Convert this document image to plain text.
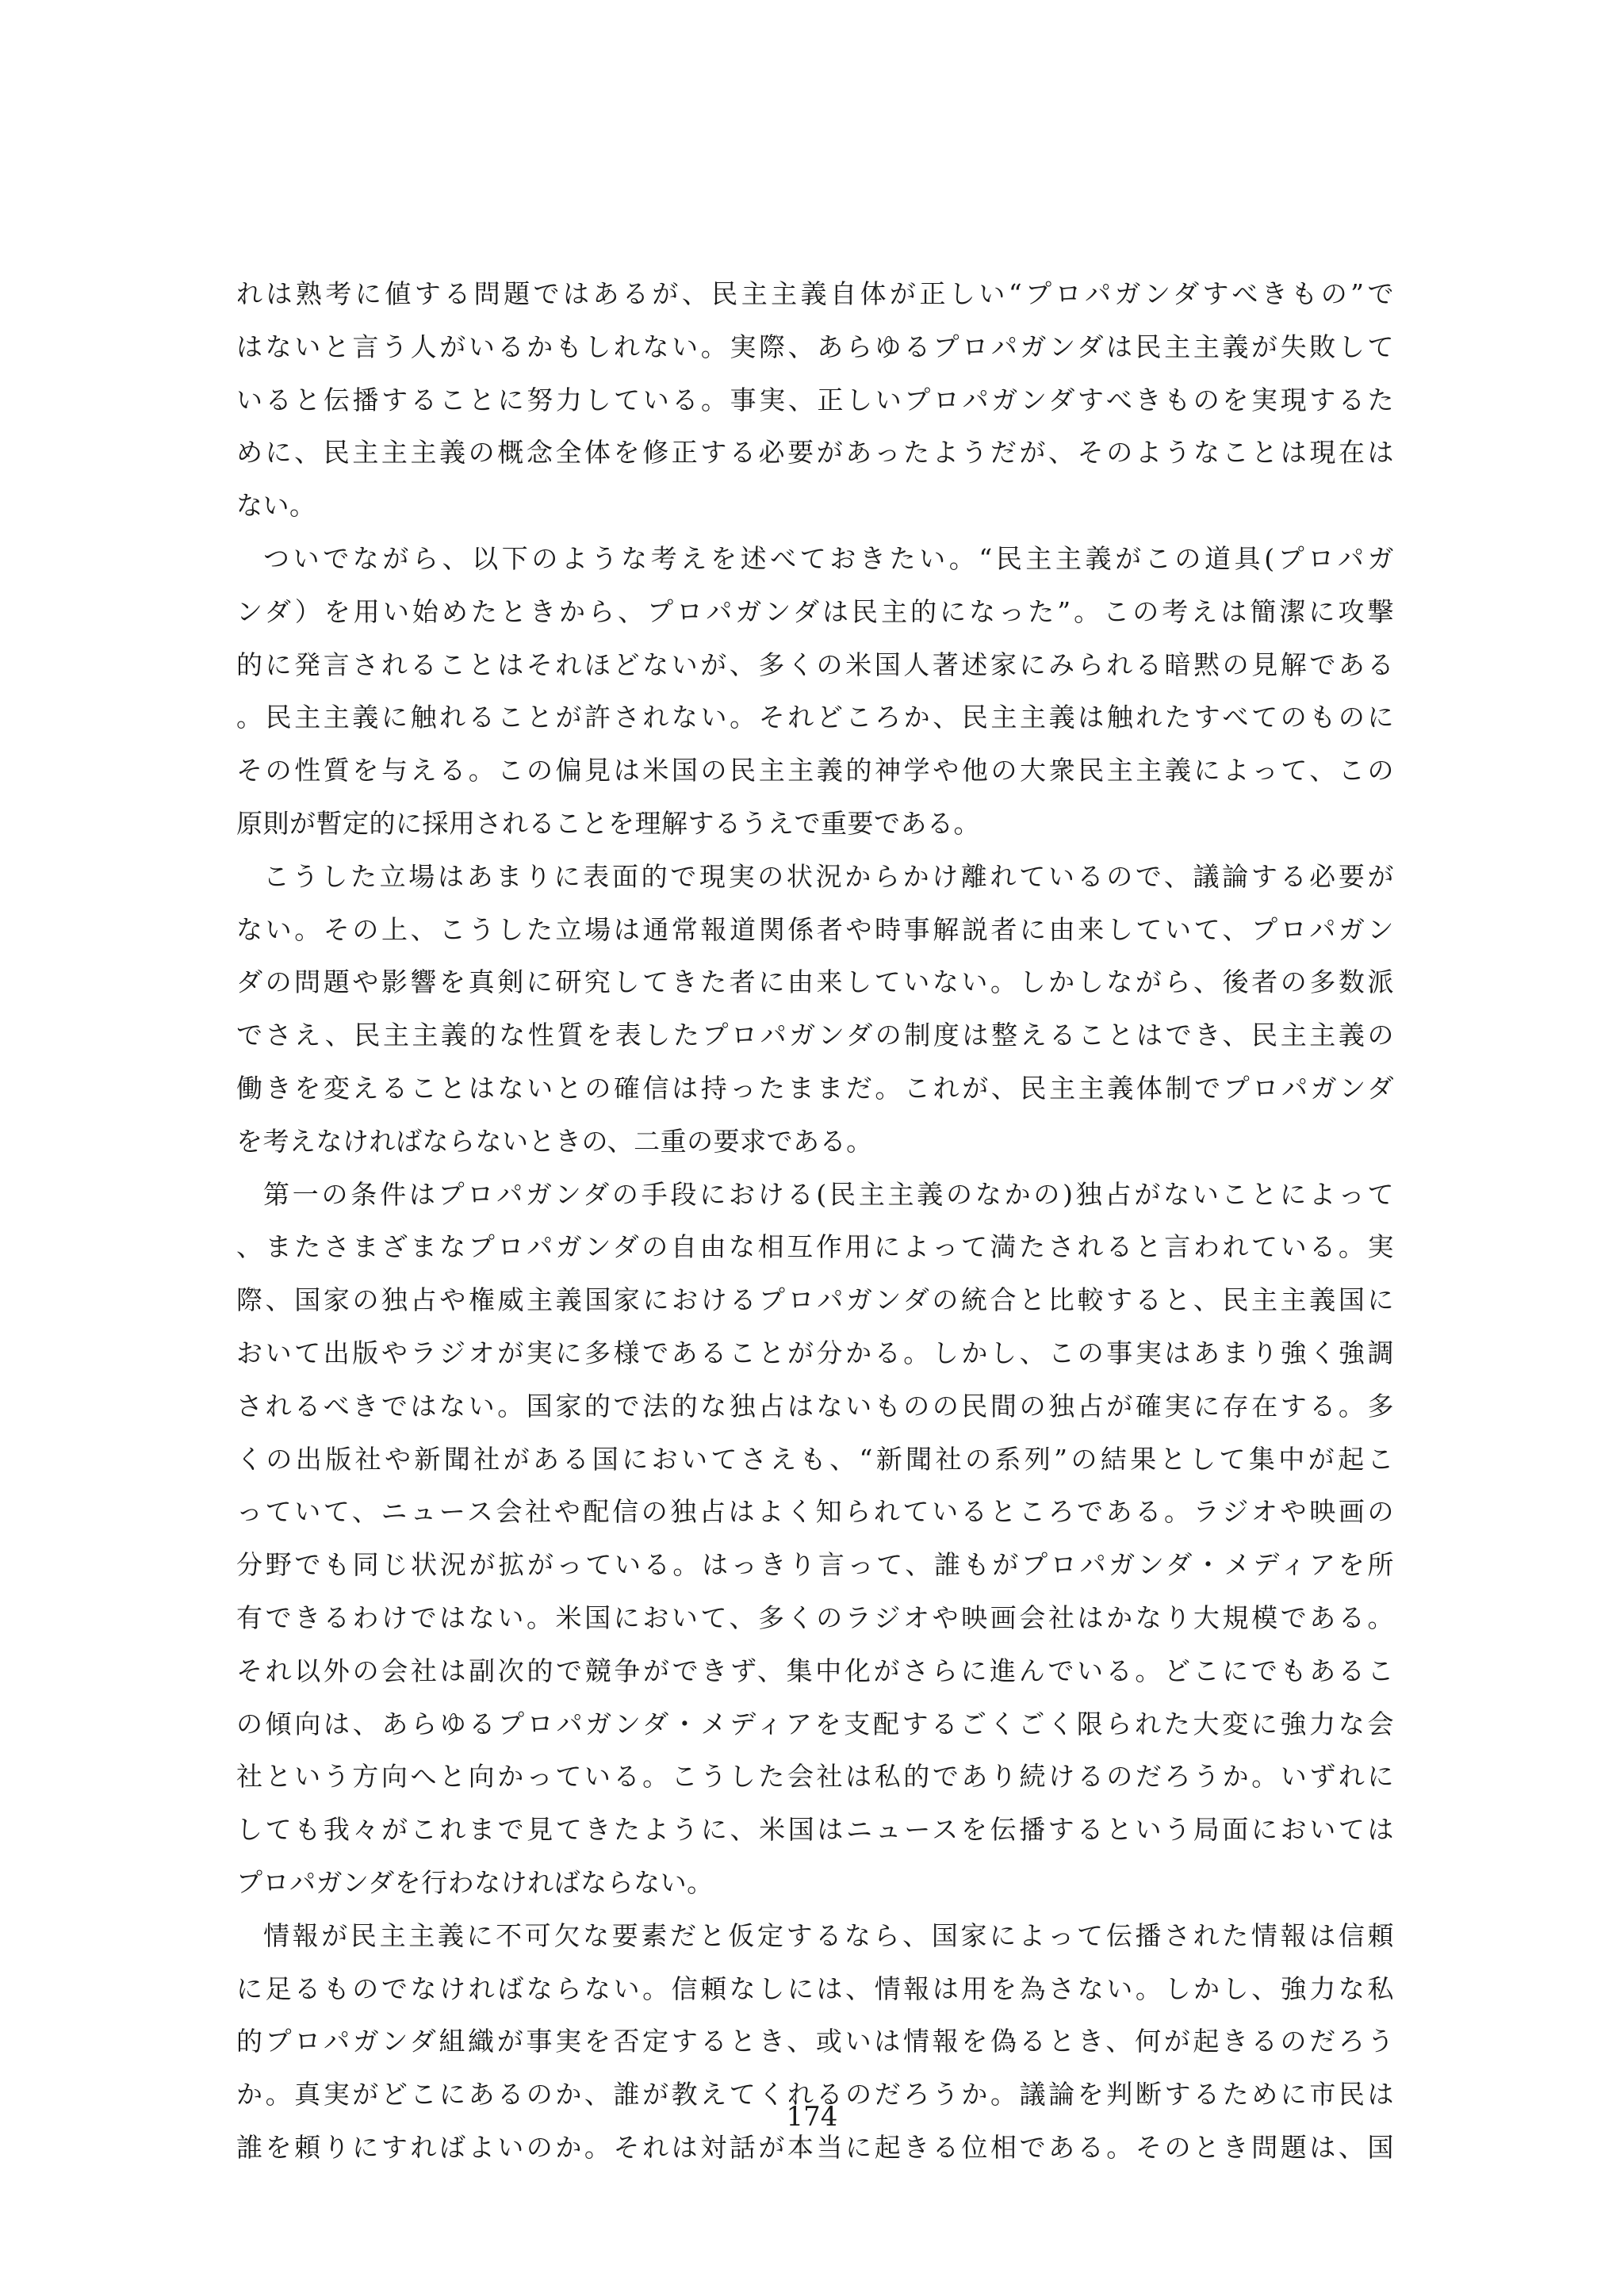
れは熟考に値する問題ではあるが、民主主義自体が正しい“プロパガンダすべきもの”で
はないと言う人がいるかもしれない。実際、あらゆるプロパガンダは民主主義が失敗して
いると伝播することに努力している。事実、正しいプロパガンダすべきものを実現するた
めに、民主主主義の概念全体を修正する必要があったようだが、そのようなことは現在は
ない。
ついでながら、以下のような考えを述べておきたい。“民主主義がこの道具(プロパガ
ンダ）を用い始めたときから、プロパガンダは民主的になった”。この考えは簡潔に攻撃
的に発言されることはそれほどないが、多くの米国人著述家にみられる暗黙の見解である
。民主主義に触れることが許されない。それどころか、民主主義は触れたすべてのものに
その性質を与える。この偏見は米国の民主主義的神学や他の大衆民主主義によって、この
原則が暫定的に採用されることを理解するうえで重要である。
こうした立場はあまりに表面的で現実の状況からかけ離れているので、議論する必要が
ない。その上、こうした立場は通常報道関係者や時事解説者に由来していて、プロパガン
ダの問題や影響を真剣に研究してきた者に由来していない。しかしながら、後者の多数派
でさえ、民主主義的な性質を表したプロパガンダの制度は整えることはでき、民主主義の
働きを変えることはないとの確信は持ったままだ。これが、民主主義体制でプロパガンダ
を考えなければならないときの、二重の要求である。
第一の条件はプロパガンダの手段における(民主主義のなかの)独占がないことによって
、またさまざまなプロパガンダの自由な相互作用によって満たされると言われている。実
際、国家の独占や権威主義国家におけるプロパガンダの統合と比較すると、民主主義国に
おいて出版やラジオが実に多様であることが分かる。しかし、この事実はあまり強く強調
されるべきではない。国家的で法的な独占はないものの民間の独占が確実に存在する。多
くの出版社や新聞社がある国においてさえも、“新聞社の系列”の結果として集中が起こ
っていて、ニュース会社や配信の独占はよく知られているところである。ラジオや映画の
分野でも同じ状況が拡がっている。はっきり言って、誰もがプロパガンダ・メディアを所
有できるわけではない。米国において、多くのラジオや映画会社はかなり大規模である。
それ以外の会社は副次的で競争ができず、集中化がさらに進んでいる。どこにでもあるこ
の傾向は、あらゆるプロパガンダ・メディアを支配するごくごく限られた大変に強力な会
社という方向へと向かっている。こうした会社は私的であり続けるのだろうか。いずれに
しても我々がこれまで見てきたように、米国はニュースを伝播するという局面においては
プロパガンダを行わなければならない。
情報が民主主義に不可欠な要素だと仮定するなら、国家によって伝播された情報は信頼
に足るものでなければならない。信頼なしには、情報は用を為さない。しかし、強力な私
的プロパガンダ組織が事実を否定するとき、或いは情報を偽るとき、何が起きるのだろう
か。真実がどこにあるのか、誰が教えてくれるのだろうか。議論を判断するために市民は
誰を頼りにすればよいのか。それは対話が本当に起きる位相である。そのとき問題は、国
174
